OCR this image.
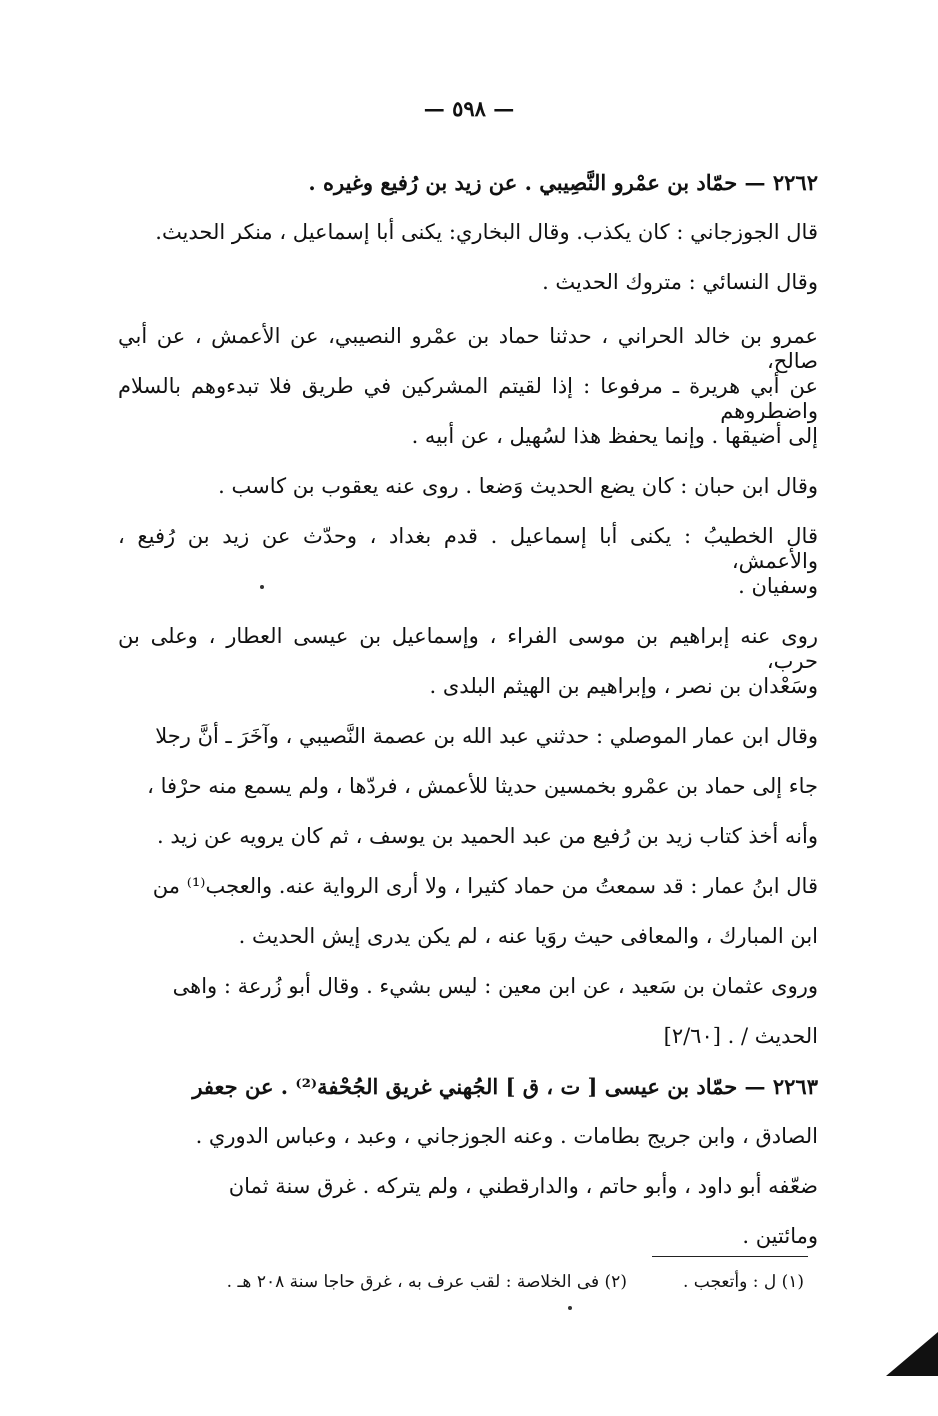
— ٥٩٨ —
٢٢٦٢ — حمّاد بن عمْرو النَّصِيبي . عن زيد بن رُفيع وغيره .
قال الجوزجاني : كان يكذب. وقال البخاري: يكنى أبا إسماعيل ، منكر الحديث.
وقال النسائي : متروك الحديث .
عمرو بن خالد الحراني ، حدثنا حماد بن عمْرو النصيبي، عن الأعمش ، عن أبي صالح،
عن أبي هريرة ـ مرفوعا : إذا لقيتم المشركين في طريق فلا تبدءوهم بالسلام واضطروهم
إلى أضيقها . وإنما يحفظ هذا لسُهيل ، عن أبيه .
وقال ابن حبان : كان يضع الحديث وَضعا . روى عنه يعقوب بن كاسب .
قال الخطيبُ : يكنى أبا إسماعيل . قدم بغداد ، وحدّث عن زيد بن رُفيع ، والأعمش،
وسفيان .
روى عنه إبراهيم بن موسى الفراء ، وإسماعيل بن عيسى العطار ، وعلى بن حرب،
وسَعْدان بن نصر ، وإبراهيم بن الهيثم البلدى .
وقال ابن عمار الموصلي : حدثني عبد الله بن عصمة النَّصيبي ، وآخَرَ ـ أنَّ رجلا
جاء إلى حماد بن عمْرو بخمسين حديثا للأعمش ، فردّها ، ولم يسمع منه حرْفا ،
وأنه أخذ كتاب زيد بن رُفيع من عبد الحميد بن يوسف ، ثم كان يرويه عن زيد .
قال ابنُ عمار : قد سمعتُ من حماد كثيرا ، ولا أرى الرواية عنه. والعجب⁽¹⁾ من
ابن المبارك ، والمعافى حيث روَيا عنه ، لم يكن يدرى إيش الحديث .
وروى عثمان بن سَعيد ، عن ابن معين : ليس بشيء . وقال أبو زُرعة : واهى
الحديث / . [٢/٦٠]
٢٢٦٣ — حمّاد بن عيسى [ ت ، ق ] الجُهني غريق الجُحْفة⁽²⁾ . عن جعفر
الصادق ، وابن جريج بطامات . وعنه الجوزجاني ، وعبد ، وعباس الدوري .
ضعّفه أبو داود ، وأبو حاتم ، والدارقطني ، ولم يتركه . غرق سنة ثمان
ومائتين .
(١) ل : وأتعجب .
(٢) فى الخلاصة : لقب عرف به ، غرق حاجا سنة ٢٠٨ هـ .
